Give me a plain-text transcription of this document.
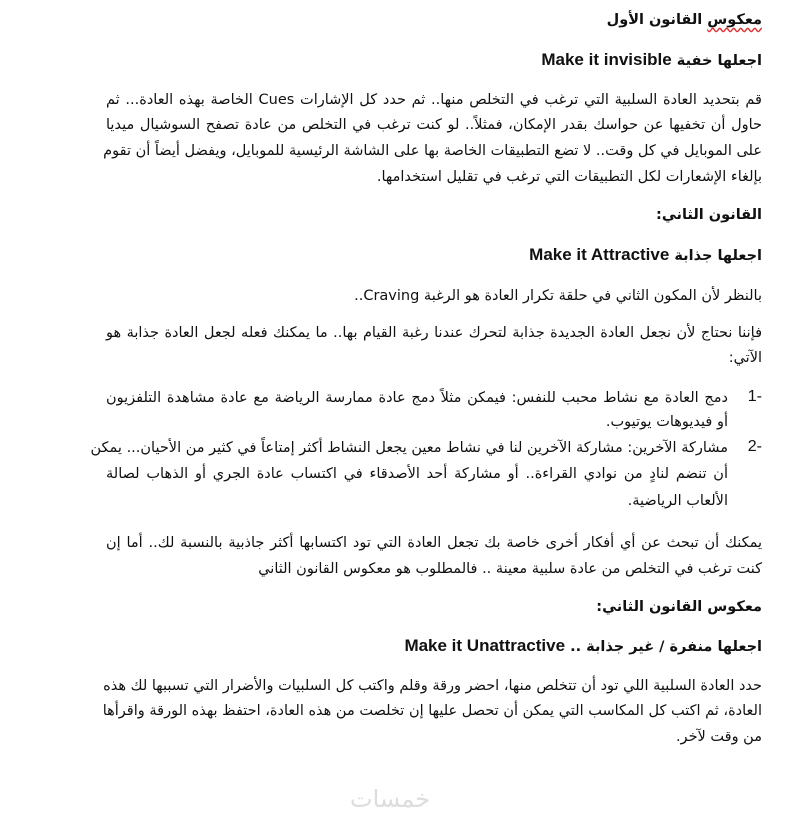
معكوس القانون الأول
اجعلها خفية Make it invisible
قم بتحديد العادة السلبية التي ترغب في التخلص منها.. ثم حدد كل الإشارات Cues الخاصة بهذه العادة... ثم
حاول أن تخفيها عن حواسك بقدر الإمكان، فمثلاً.. لو كنت ترغب في التخلص من عادة تصفح السوشيال ميديا
على الموبايل في كل وقت.. لا تضع التطبيقات الخاصة بها على الشاشة الرئيسية للموبايل، ويفضل أيضاً أن تقوم
بإلغاء الإشعارات لكل التطبيقات التي ترغب في تقليل استخدامها.
القانون الثاني:
اجعلها جذابة Make it Attractive
بالنظر لأن المكون الثاني في حلقة تكرار العادة هو الرغبة Craving..
فإننا نحتاج لأن نجعل العادة الجديدة جذابة لتحرك عندنا رغبة القيام بها.. ما يمكنك فعله لجعل العادة جذابة هو
الآتي:
-1
دمج العادة مع نشاط محبب للنفس: فيمكن مثلاً دمج عادة ممارسة الرياضة مع عادة مشاهدة التلفزيون
أو فيديوهات يوتيوب.
-2
مشاركة الآخرين: مشاركة الآخرين لنا في نشاط معين يجعل النشاط أكثر إمتاعاً في كثير من الأحيان... يمكن
أن تنضم لنادٍ من نوادي القراءة.. أو مشاركة أحد الأصدقاء في اكتساب عادة الجري أو الذهاب لصالة
الألعاب الرياضية.
يمكنك أن تبحث عن أي أفكار أخرى خاصة بك تجعل العادة التي تود اكتسابها أكثر جاذبية بالنسبة لك.. أما إن
كنت ترغب في التخلص من عادة سلبية معينة .. فالمطلوب هو معكوس القانون الثاني
معكوس القانون الثاني:
اجعلها منفرة / غير جذابة .. Make it Unattractive
حدد العادة السلبية اللي تود أن تتخلص منها، احضر ورقة وقلم واكتب كل السلبيات والأضرار التي تسببها لك هذه
العادة، ثم اكتب كل المكاسب التي يمكن أن تحصل عليها إن تخلصت من هذه العادة، احتفظ بهذه الورقة واقرأها
من وقت لآخر.
خمسات
